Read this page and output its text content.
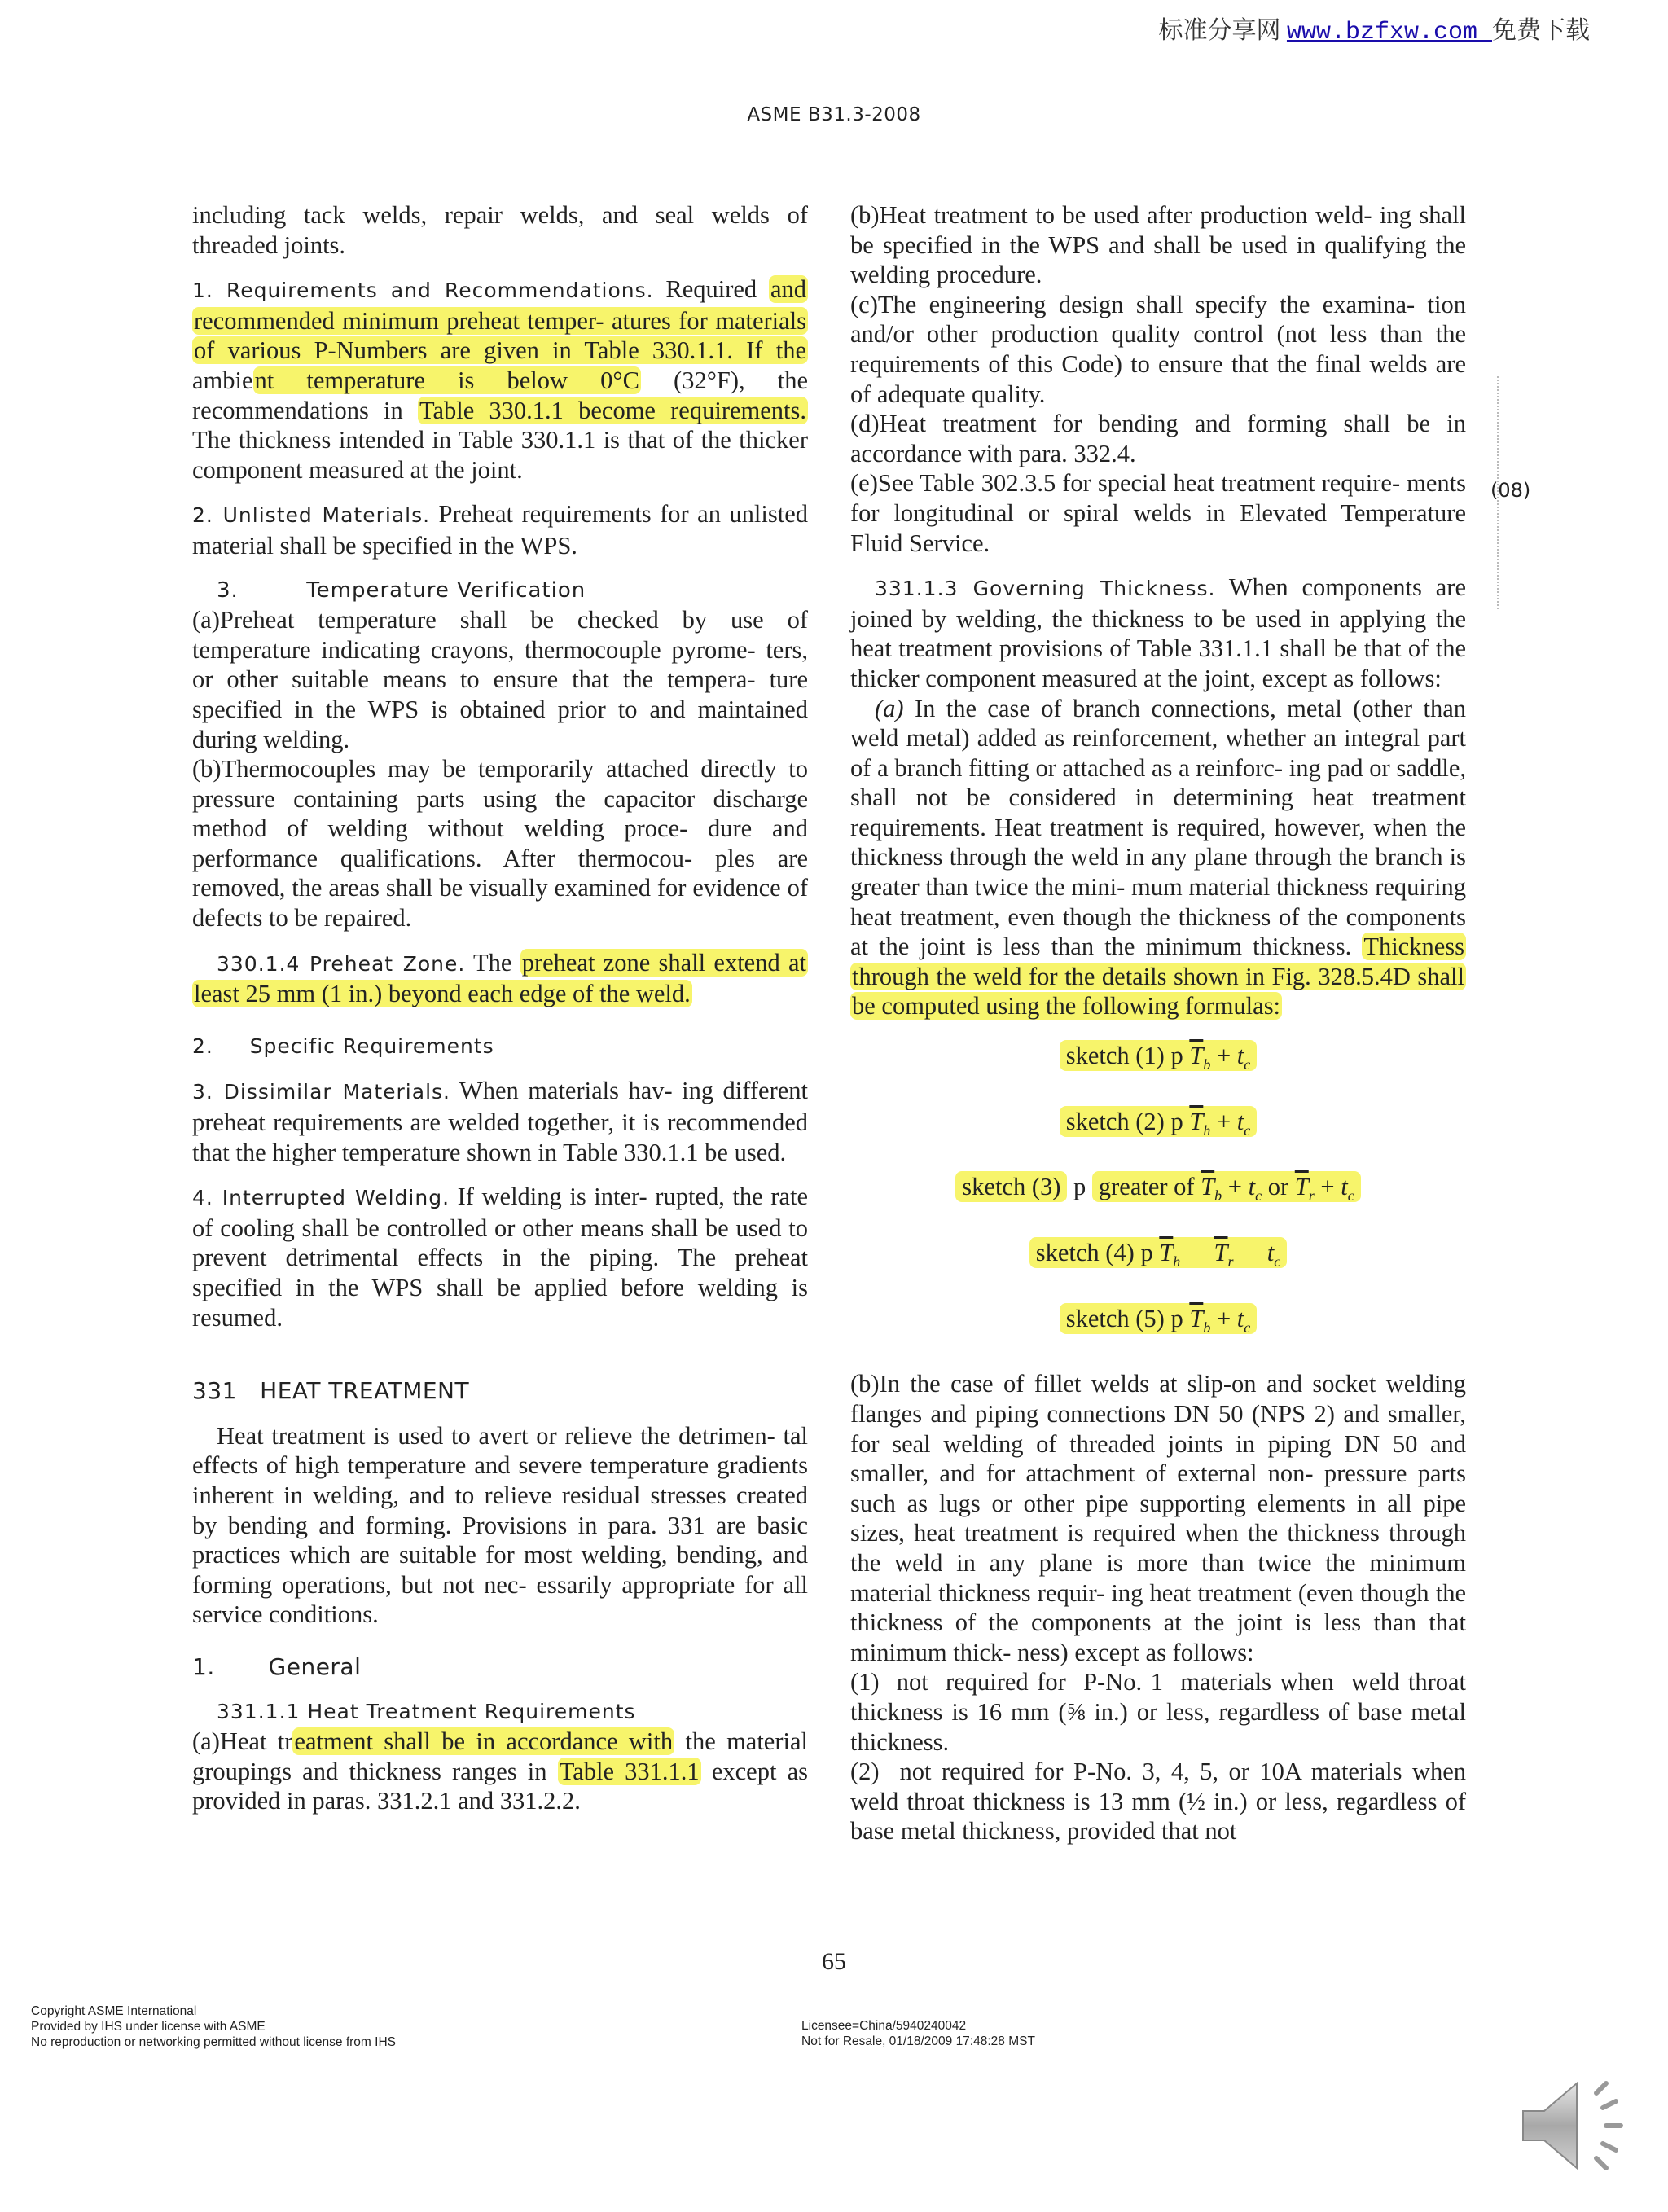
标准分享网 www.bzfxw.com 免费下载
ASME B31.3-2008

including tack welds, repair welds, and seal welds of threaded joints.

1. Requirements and Recommendations. Required and recommended minimum preheat temper- atures for materials of various P-Numbers are given in Table 330.1.1. If the ambient temperature is below 0°C (32°F), the recommendations in Table 330.1.1 become requirements. The thickness intended in Table 330.1.1 is that of the thicker component measured at the joint.

2. Unlisted Materials. Preheat requirements for an unlisted material shall be specified in the WPS.

3.         Temperature Verification

(a)Preheat temperature shall be checked by use of temperature indicating crayons, thermocouple pyrome- ters, or other suitable means to ensure that the tempera- ture specified in the WPS is obtained prior to and maintained during welding.

(b)Thermocouples may be temporarily attached directly to pressure containing parts using the capacitor discharge method of welding without welding proce- dure and performance qualifications. After thermocou- ples are removed, the areas shall be visually examined for evidence of defects to be repaired.

330.1.4 Preheat Zone. The preheat zone shall extend at least 25 mm (1 in.) beyond each edge of the weld.

2.     Specific Requirements

3. Dissimilar Materials. When materials hav- ing different preheat requirements are welded together, it is recommended that the higher temperature shown in Table 330.1.1 be used.

4. Interrupted Welding. If welding is inter- rupted, the rate of cooling shall be controlled or other means shall be used to prevent detrimental effects in the piping. The preheat specified in the WPS shall be applied before welding is resumed.

331   HEAT TREATMENT

Heat treatment is used to avert or relieve the detrimen- tal effects of high temperature and severe temperature gradients inherent in welding, and to relieve residual stresses created by bending and forming. Provisions in para. 331 are basic practices which are suitable for most welding, bending, and forming operations, but not nec- essarily appropriate for all service conditions.

1.       General

331.1.1 Heat Treatment Requirements

(a)Heat treatment shall be in accordance with the material groupings and thickness ranges in Table 331.1.1 except as provided in paras. 331.2.1 and 331.2.2.

(b)Heat treatment to be used after production weld- ing shall be specified in the WPS and shall be used in qualifying the welding procedure.

(c)The engineering design shall specify the examina- tion and/or other production quality control (not less than the requirements of this Code) to ensure that the final welds are of adequate quality.

(d)Heat treatment for bending and forming shall be in accordance with para. 332.4.

(e)See Table 302.3.5 for special heat treatment require- ments for longitudinal or spiral welds in Elevated Temperature Fluid Service.

331.1.3 Governing Thickness. When components are joined by welding, the thickness to be used in applying the heat treatment provisions of Table 331.1.1 shall be that of the thicker component measured at the joint, except as follows:

(a) In the case of branch connections, metal (other than weld metal) added as reinforcement, whether an integral part of a branch fitting or attached as a reinforc- ing pad or saddle, shall not be considered in determining heat treatment requirements. Heat treatment is required, however, when the thickness through the weld in any plane through the branch is greater than twice the mini- mum material thickness requiring heat treatment, even though the thickness of the components at the joint is less than the minimum thickness. Thickness through the weld for the details shown in Fig. 328.5.4D shall be computed using the following formulas:

sketch (1) p $\overline{T}_b + t_c$

sketch (2) p $\overline{T}_h + t_c$

sketch (3) p greater of $\overline{T}_b + t_c$ or $\overline{T}_r + t_c$

sketch (4) p $\overline{T}_h$ $\overline{T}_r$ $t_c$

sketch (5) p $\overline{T}_b + t_c$

(b)In the case of fillet welds at slip-on and socket welding flanges and piping connections DN 50 (NPS 2) and smaller, for seal welding of threaded joints in piping DN 50 and smaller, and for attachment of external non- pressure parts such as lugs or other pipe supporting elements in all pipe sizes, heat treatment is required when the thickness through the weld in any plane is more than twice the minimum material thickness requir- ing heat treatment (even though the thickness of the components at the joint is less than that minimum thick- ness) except as follows:

(1)  not  required for  P-No. 1  materials when  weld throat thickness is 16 mm (⅝ in.) or less, regardless of base metal thickness.

(2)  not required for P-No. 3, 4, 5, or 10A materials when weld throat thickness is 13 mm (½ in.) or less, regardless of base metal thickness, provided that not

(08)
65
Copyright ASME International
Provided by IHS under license with ASME
No reproduction or networking permitted without license from IHS
Licensee=China/5940240042
Not for Resale, 01/18/2009 17:48:28 MST
